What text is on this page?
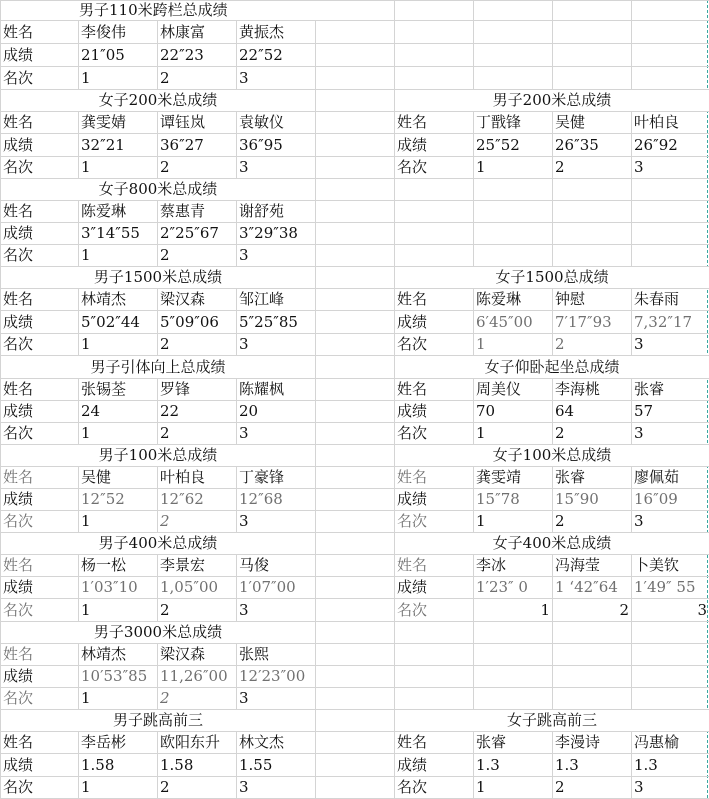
男子110米跨栏总成绩
姓名
成绩
名次
李俊伟
21″05
1
林康富
22″23
2
黄振杰
22″52
3
女子200米总成绩
姓名
成绩
名次
龚雯婧
32″21
1
谭钰岚
36″27
2
袁敏仪
36″95
3
男子200米总成绩
姓名
成绩
名次
丁戬锋
25″52
1
吴健
26″35
2
叶柏良
26″92
3
女子800米总成绩
姓名
成绩
名次
陈爱琳
3″14″55
1
蔡惠青
2″25″67
2
谢舒苑
3″29″38
3
男子1500米总成绩
姓名
成绩
名次
林靖杰
5″02″44
1
梁汉森
5″09″06
2
邹江峰
5″25″85
3
女子1500总成绩
姓名
成绩
名次
陈爱琳
6′45″00
1
钟慰
7′17″93
2
朱春雨
7,32″17
3
男子引体向上总成绩
姓名
成绩
名次
张锡荃
24
1
罗锋
22
2
陈耀枫
20
3
女子仰卧起坐总成绩
姓名
成绩
名次
周美仪
70
1
李海桃
64
2
张睿
57
3
男子100米总成绩
姓名
成绩
名次
吴健
12″52
1
叶柏良
12″62
2
丁豪锋
12″68
3
女子100米总成绩
姓名
成绩
名次
龚雯靖
15″78
1
张睿
15″90
2
廖佩茹
16″09
3
男子400米总成绩
姓名
成绩
名次
杨一松
1′03″10
1
李景宏
1,05″00
2
马俊
1′07″00
3
女子400米总成绩
姓名
成绩
名次
李冰
1′23″ 0
1
冯海莹
1 ‘42″64
2
卜美钦
1′49″ 55
3
男子3000米总成绩
姓名
成绩
名次
林靖杰
10′53″85
1
梁汉森
11,26″00
2
张熙
12′23″00
3
男子跳高前三
姓名
成绩
名次
李岳彬
1.58
1
欧阳东升
1.58
2
林文杰
1.55
3
女子跳高前三
姓名
成绩
名次
张睿
1.3
1
李漫诗
1.3
2
冯惠榆
1.3
3
